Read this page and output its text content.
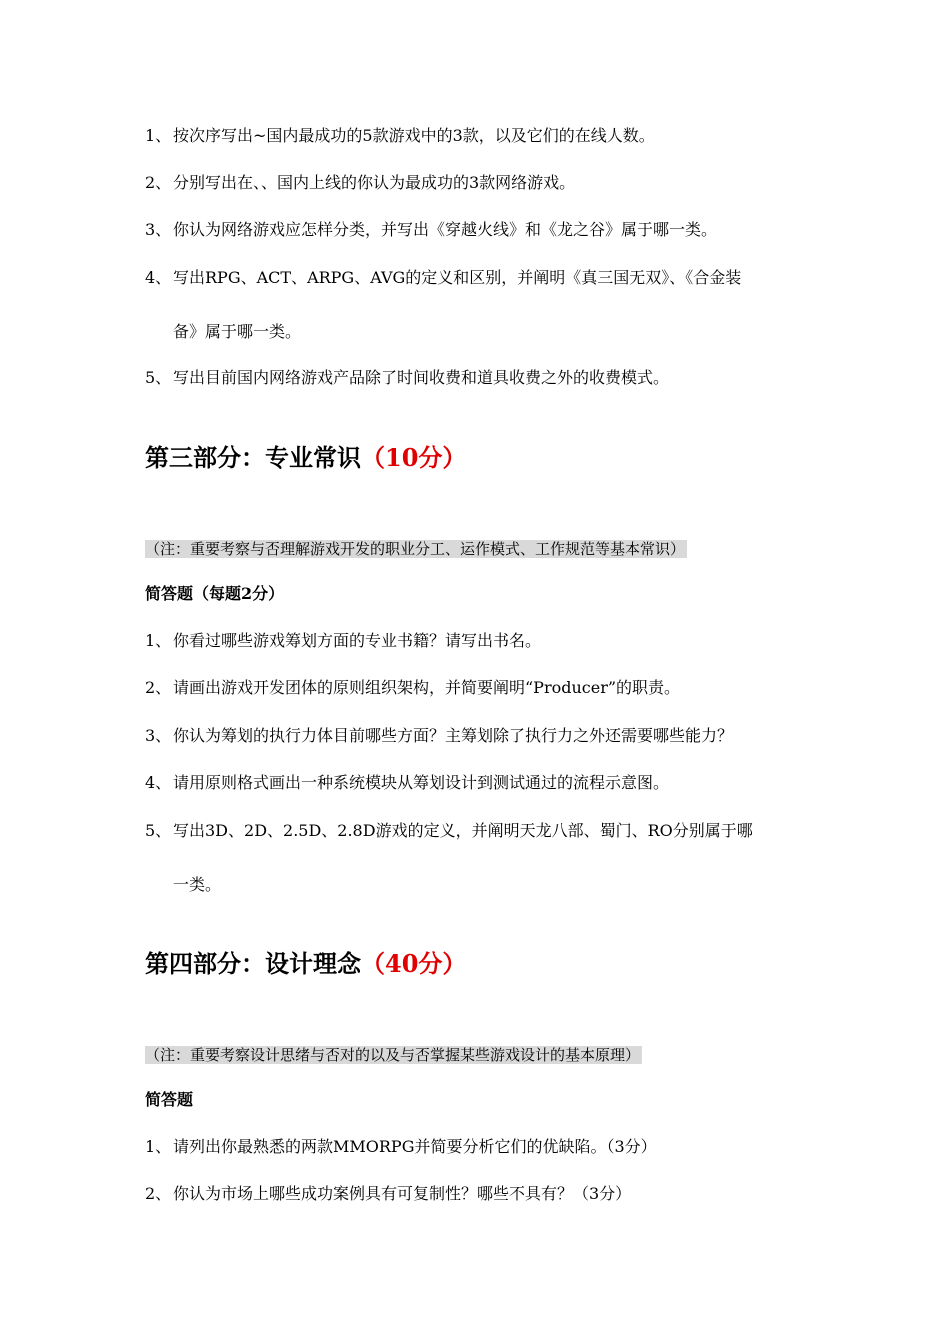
1、 按次序写出~国内最成功的5款游戏中的3款，以及它们的在线人数。
2、 分别写出在、、国内上线的你认为最成功的3款网络游戏。
3、 你认为网络游戏应怎样分类，并写出《穿越火线》和《龙之谷》属于哪一类。
4、 写出RPG、ACT、ARPG、AVG的定义和区别，并阐明《真三国无双》、《合金装
备》属于哪一类。
5、 写出目前国内网络游戏产品除了时间收费和道具收费之外的收费模式。
第三部分：专业常识（10分）
（注：重要考察与否理解游戏开发的职业分工、运作模式、工作规范等基本常识）
简答题（每题2分）
1、 你看过哪些游戏筹划方面的专业书籍？请写出书名。
2、 请画出游戏开发团体的原则组织架构，并简要阐明“Producer”的职责。
3、 你认为筹划的执行力体目前哪些方面？主筹划除了执行力之外还需要哪些能力？
4、 请用原则格式画出一种系统模块从筹划设计到测试通过的流程示意图。
5、 写出3D、2D、2.5D、2.8D游戏的定义，并阐明天龙八部、蜀门、RO分别属于哪
一类。
第四部分：设计理念（40分）
（注：重要考察设计思绪与否对的以及与否掌握某些游戏设计的基本原理）
简答题
1、 请列出你最熟悉的两款MMORPG并简要分析它们的优缺陷。（3分）
2、 你认为市场上哪些成功案例具有可复制性？哪些不具有？（3分）
